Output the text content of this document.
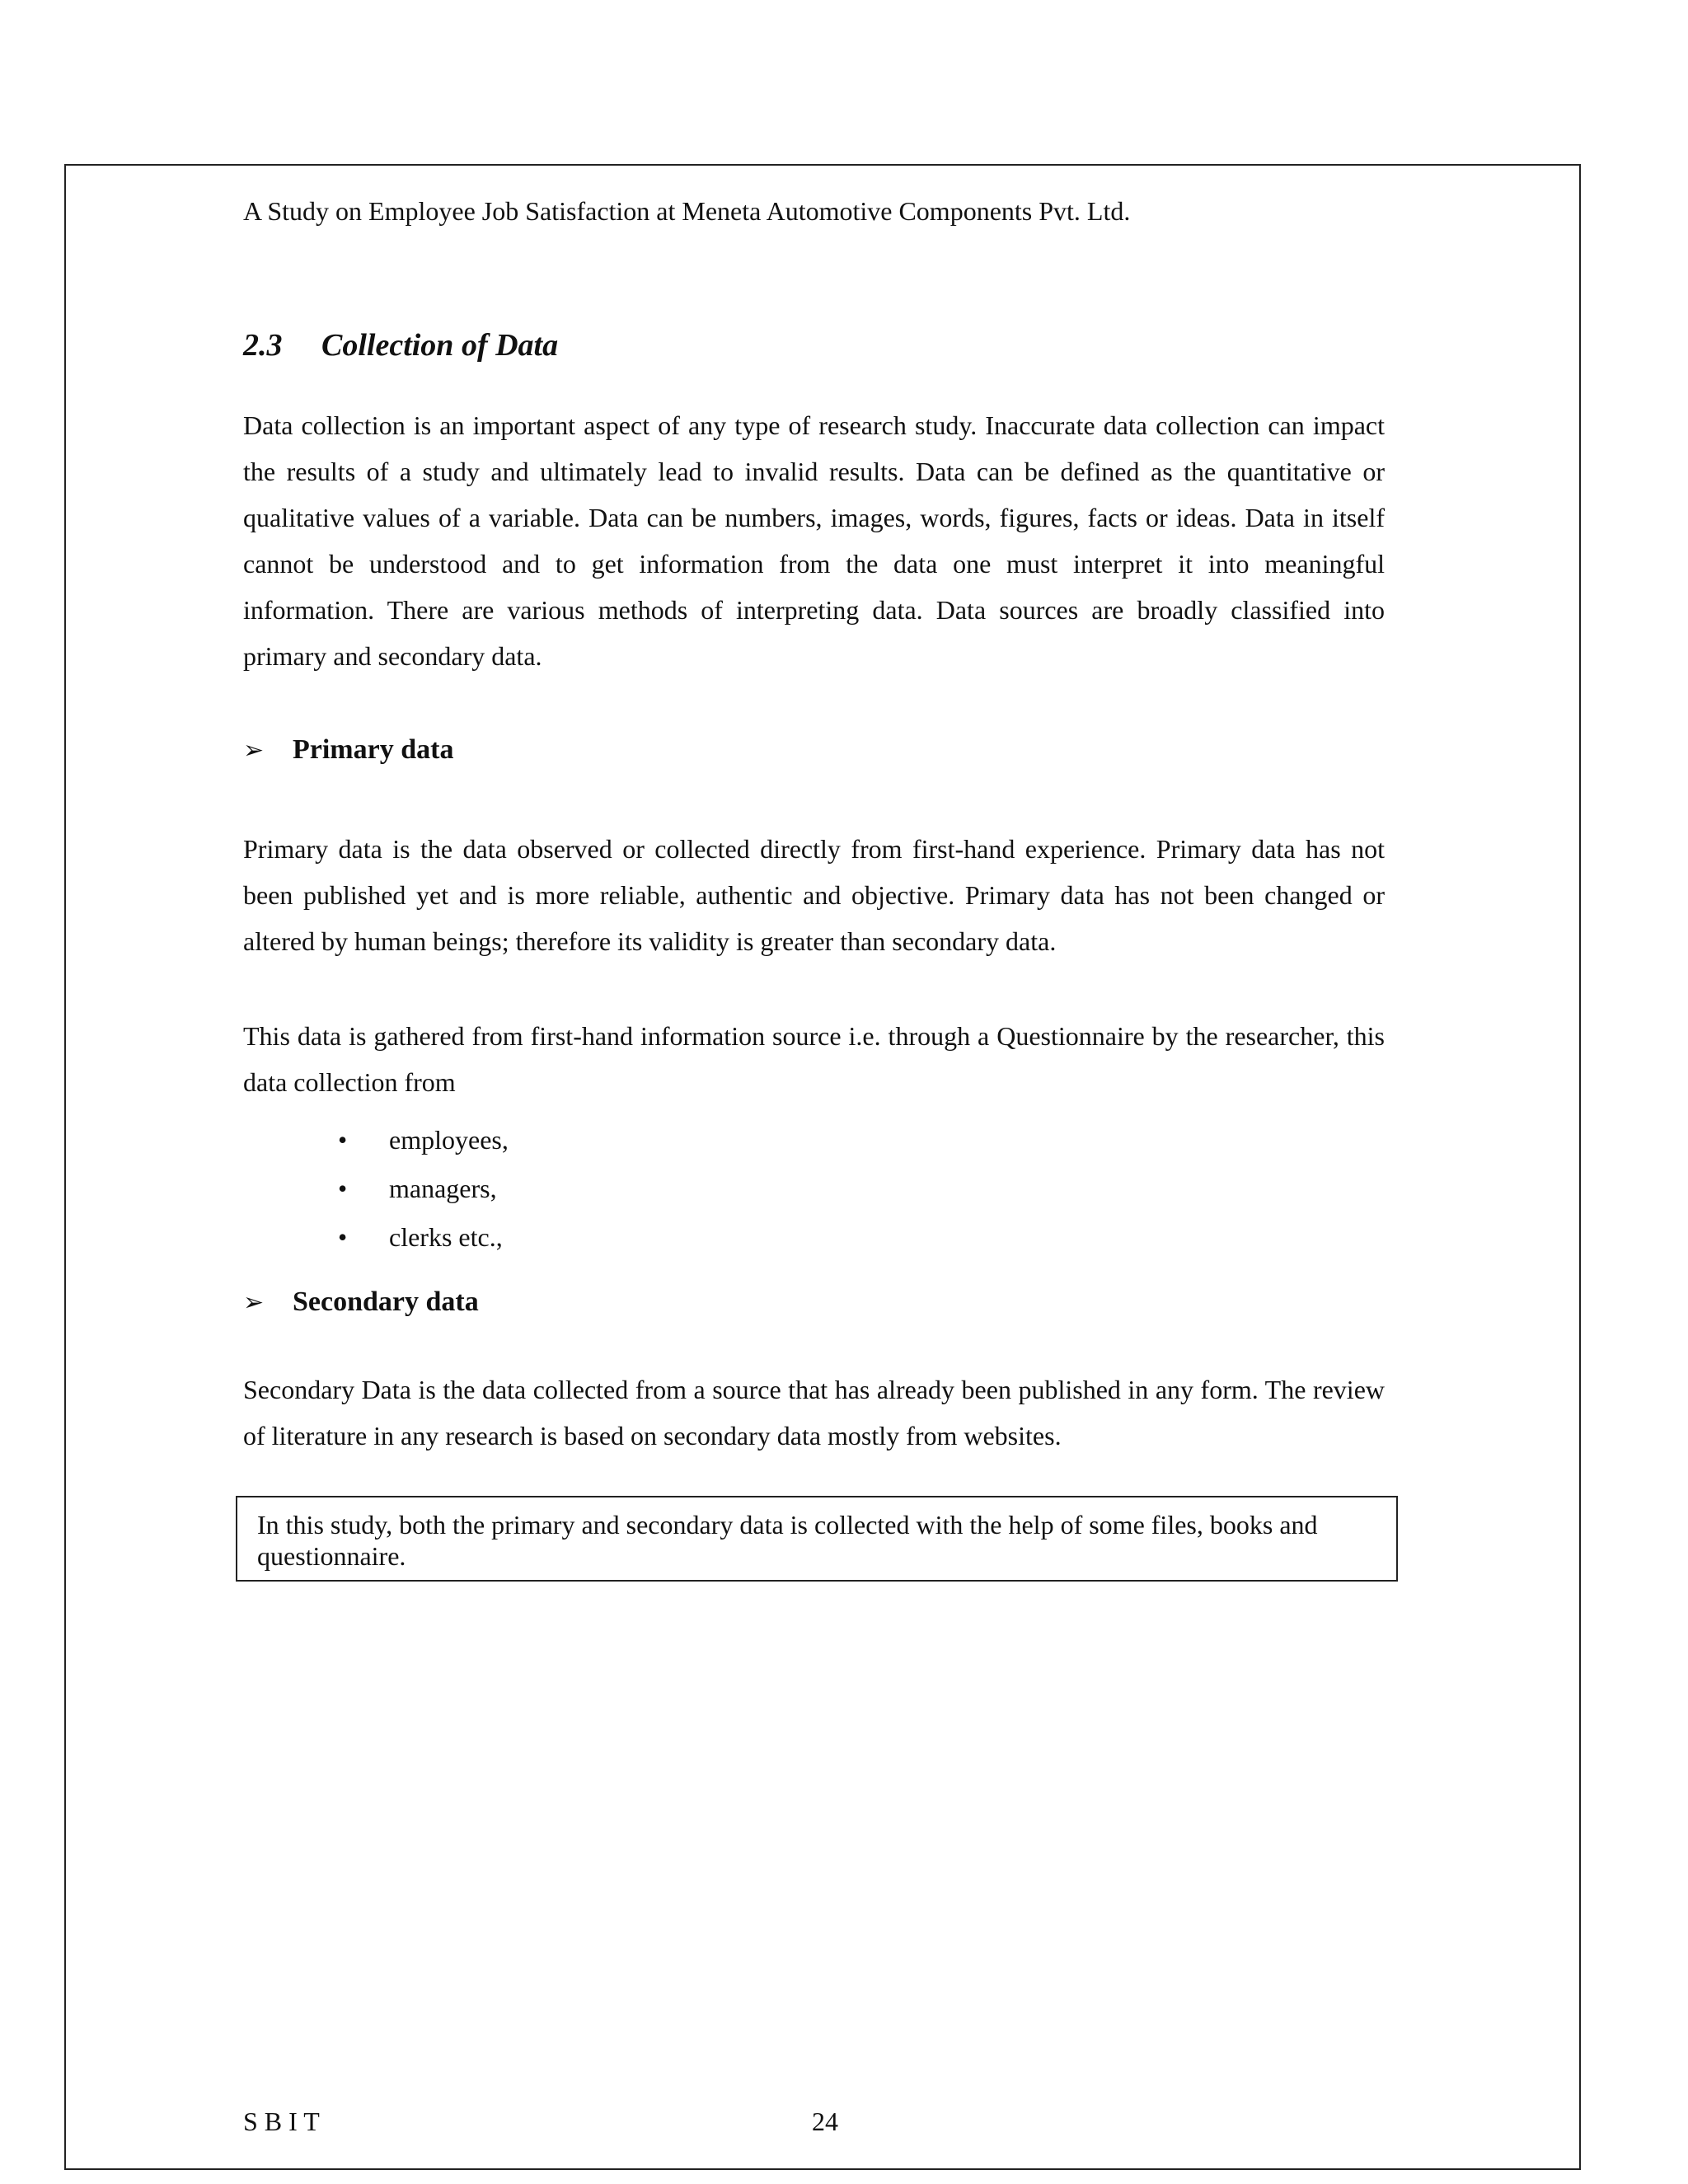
A Study on Employee Job Satisfaction at Meneta Automotive Components Pvt. Ltd.
2.3 Collection of Data

Data collection is an important aspect of any type of research study. Inaccurate data collection can impact the results of a study and ultimately lead to invalid results. Data can be defined as the quantitative or qualitative values of a variable. Data can be numbers, images, words, figures, facts or ideas. Data in itself cannot be understood and to get information from the data one must interpret it into meaningful information. There are various methods of interpreting data. Data sources are broadly classified into primary and secondary data.

➢ Primary data

Primary data is the data observed or collected directly from first-hand experience. Primary data has not been published yet and is more reliable, authentic and objective. Primary data has not been changed or altered by human beings; therefore its validity is greater than secondary data.

This data is gathered from first-hand information source i.e. through a Questionnaire by the researcher, this data collection from

• employees,
• managers,
• clerks etc.,
➢ Secondary data

Secondary Data is the data collected from a source that has already been published in any form. The review of literature in any research is based on secondary data mostly from websites.

In this study, both the primary and secondary data is collected with the help of some files, books and questionnaire.
S B I T	24
